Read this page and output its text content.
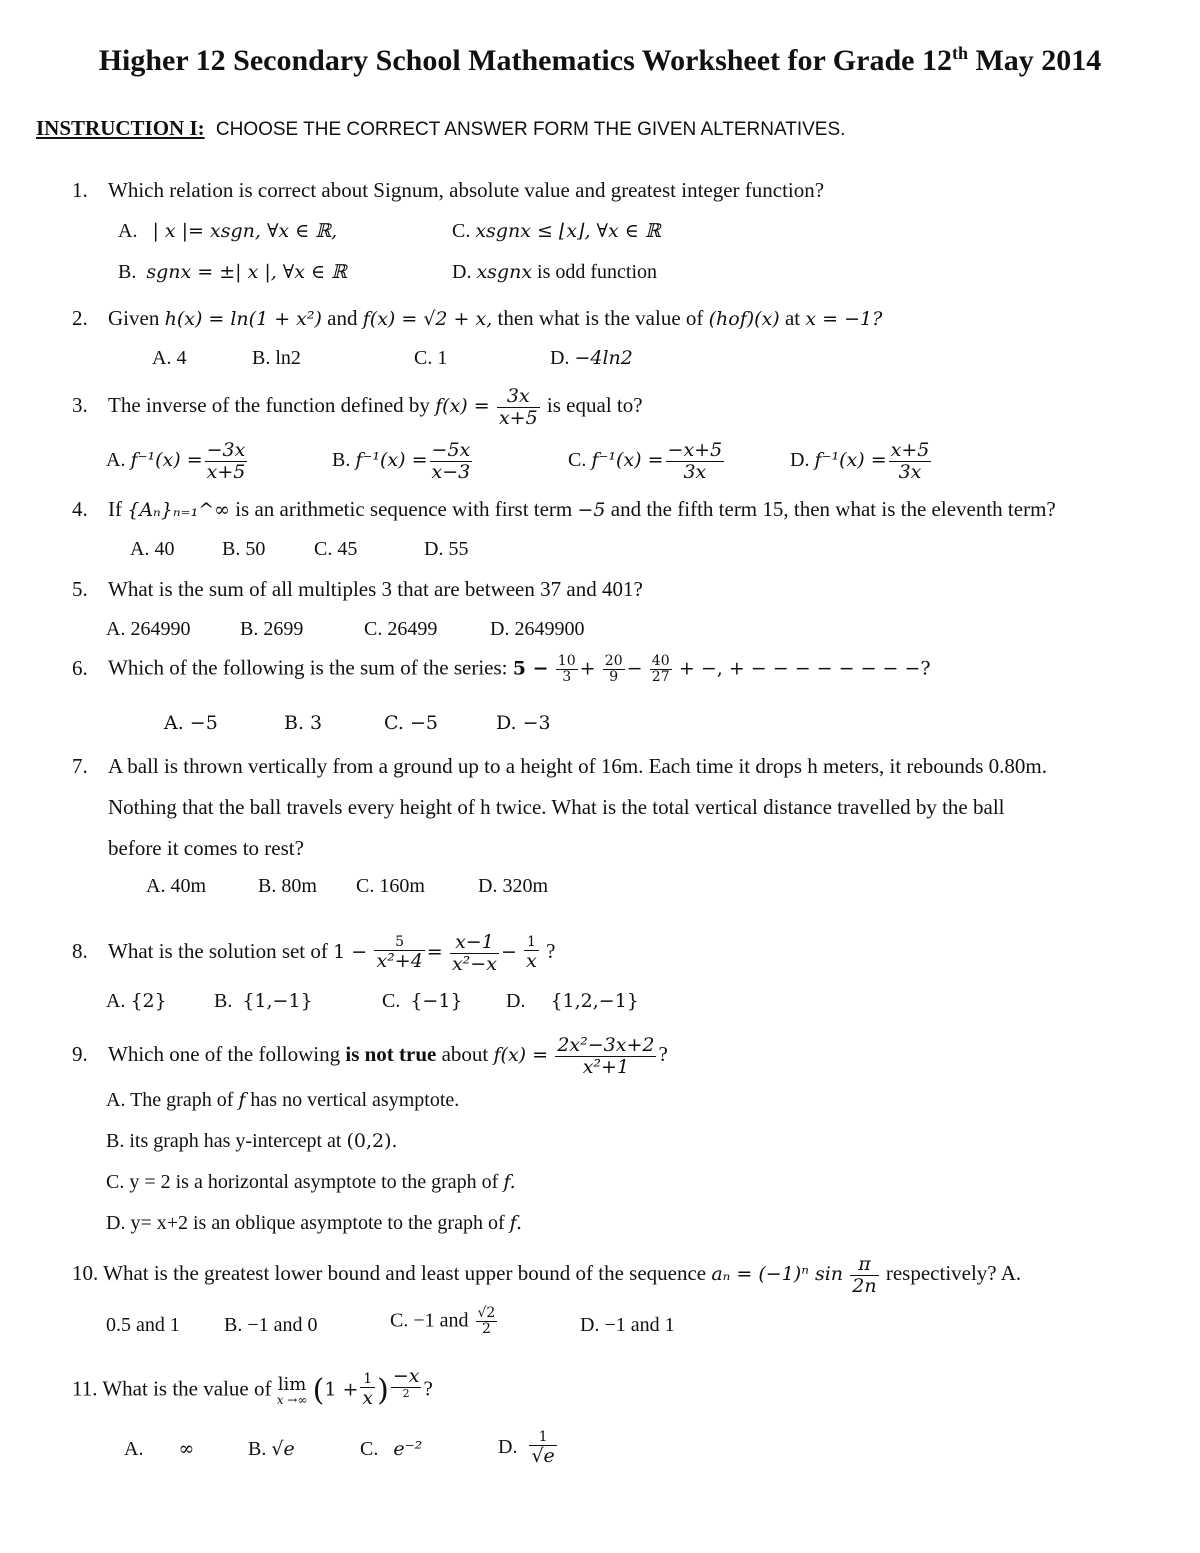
Higher 12 Secondary School Mathematics Worksheet for Grade 12th May 2014
INSTRUCTION I: CHOOSE THE CORRECT ANSWER FORM THE GIVEN ALTERNATIVES.
1. Which relation is correct about Signum, absolute value and greatest integer function?
A. | x |= xsgn, ∀x ∈ ℝ,	C. xsgnx ≤ ⌊x⌋, ∀x ∈ ℝ
B. sgnx = ±| x |, ∀x ∈ ℝ	D. xsgnx is odd function
2. Given h(x) = ln(1 + x²) and f(x) = √2 + x, then what is the value of (hof)(x) at x = −1?
A. 4	B. ln2	C. 1	D. −4ln2
3. The inverse of the function defined by $f(x) = \frac{3x}{x+5}$ is equal to?
A. $f^{-1}(x) = \frac{-3x}{x+5}$	B. $f^{-1}(x) = \frac{-5x}{x-3}$	C. $f^{-1}(x) = \frac{-x+5}{3x}$	D. $f^{-1}(x) = \frac{x+5}{3x}$
4. If {Aₙ}ₙ₌₁^∞ is an arithmetic sequence with first term −5 and the fifth term 15, then what is the eleventh term?
A. 40 B. 50 C. 45	D. 55
5. What is the sum of all multiples 3 that are between 37 and 401?
A. 264990 B. 2699	C. 26499	D. 2649900
6. Which of the following is the sum of the series: $5 - \frac{10}{3} + \frac{20}{9} - \frac{40}{27}$ + −, + − − − − − − − −?
A. −5	B. 3	C. −5	D. −3
7. A ball is thrown vertically from a ground up to a height of 16m. Each time it drops h meters, it rebounds 0.80m.
Nothing that the ball travels every height of h twice. What is the total vertical distance travelled by the ball
before it comes to rest?
A. 40m	B. 80m C. 160m	D. 320m
8. What is the solution set of $1 - \frac{5}{\text{x²+4}} = \frac{x-1}{\text{x²−x}} - \frac{1}{x}$ ?
A. {2} B. {1,−1}	C. {−1} D. {1,2,−1}
9. Which one of the following is not true about $f(x) = \frac{\text{2x²−3x+2}}{\text{x²+1}}$ ?
A. The graph of f has no vertical asymptote.
B. its graph has y-intercept at (0,2).
C. y = 2 is a horizontal asymptote to the graph of f.
D. y= x+2 is an oblique asymptote to the graph of f.
10. What is the greatest lower bound and least upper bound of the sequence aₙ = (−1)ⁿ $\sin \frac{\pi}{2n}$ respectively? A.
0.5 and 1 B. −1 and 0	C. −1 and $\frac{√2}{2}$	D. −1 and 1
11. What is the value of lim
x →∞ ($1 + \frac{1}{x}$ ) $\frac{-x}{2}$ ?
A. ∞	B. √e	C. e⁻²	D. $\frac{1}{√e}$
